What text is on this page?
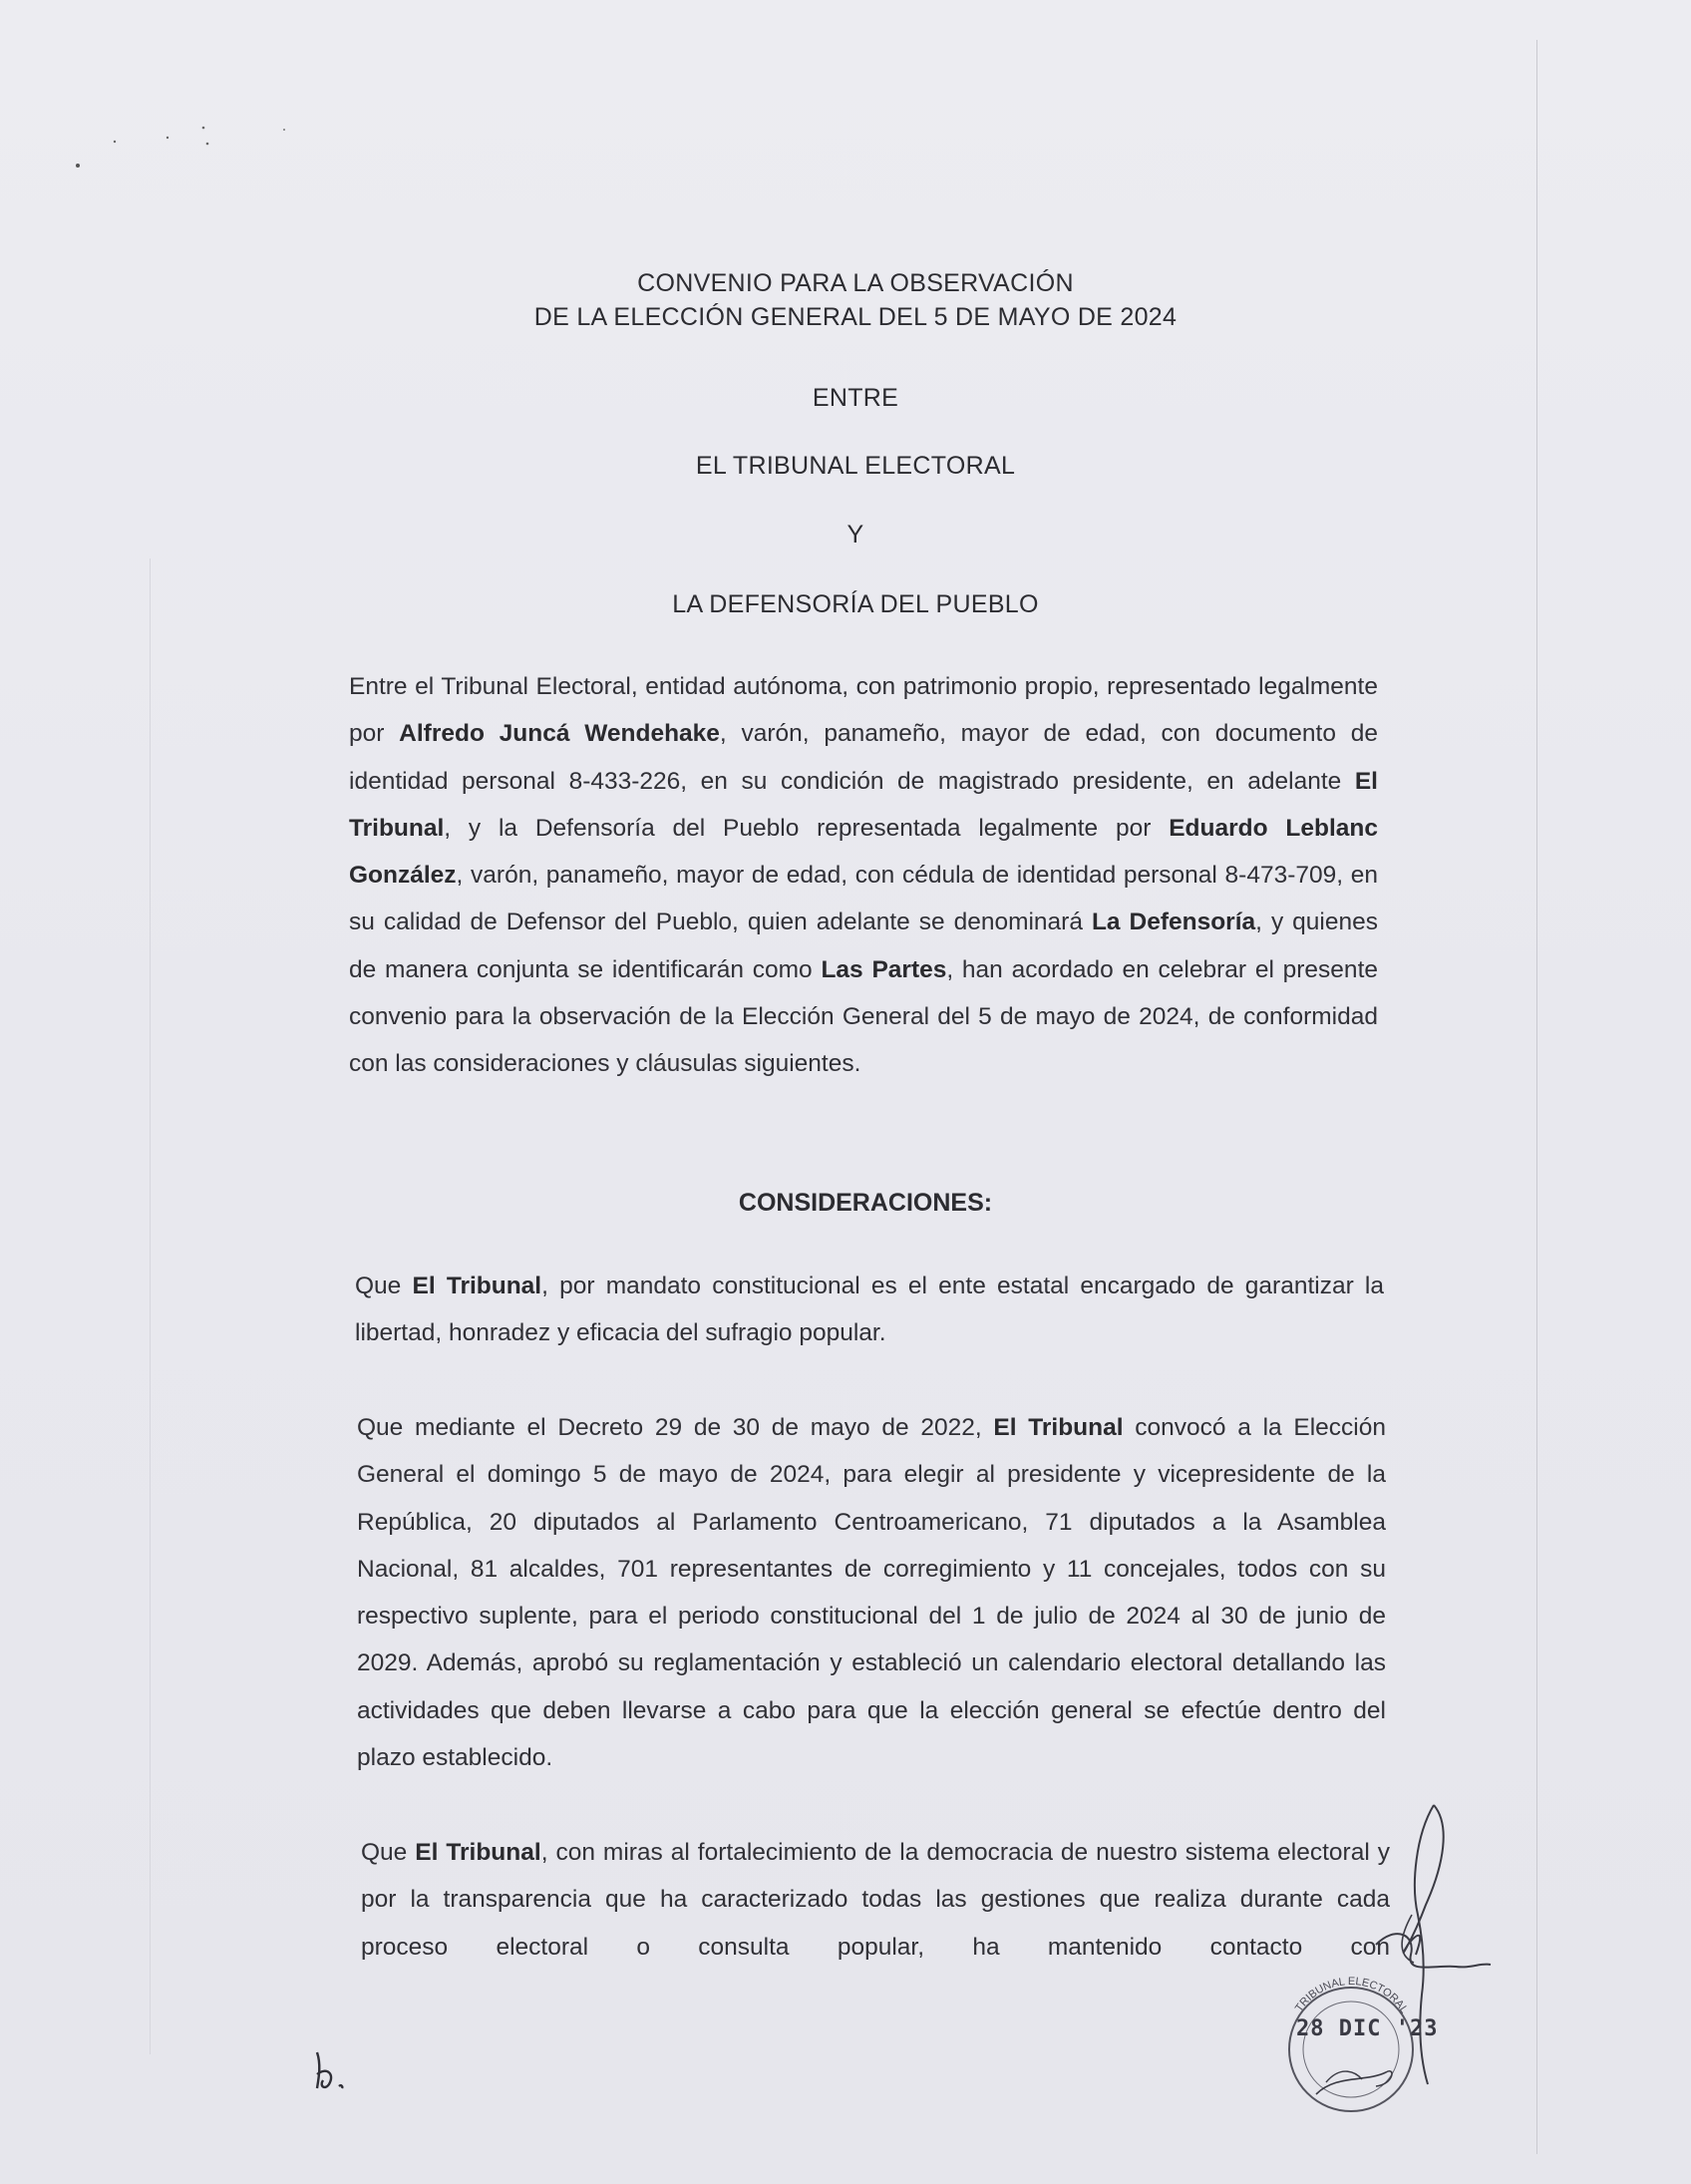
CONVENIO PARA LA OBSERVACIÓN
DE LA ELECCIÓN GENERAL DEL 5 DE MAYO DE 2024
ENTRE
EL TRIBUNAL ELECTORAL
Y
LA DEFENSORÍA DEL PUEBLO
Entre el Tribunal Electoral, entidad autónoma, con patrimonio propio, representado legalmente por Alfredo Juncá Wendehake, varón, panameño, mayor de edad, con documento de identidad personal 8-433-226, en su condición de magistrado presidente, en adelante El Tribunal, y la Defensoría del Pueblo representada legalmente por Eduardo Leblanc González, varón, panameño, mayor de edad, con cédula de identidad personal 8-473-709, en su calidad de Defensor del Pueblo, quien adelante se denominará La Defensoría, y quienes de manera conjunta se identificarán como Las Partes, han acordado en celebrar el presente convenio para la observación de la Elección General del 5 de mayo de 2024, de conformidad con las consideraciones y cláusulas siguientes.
CONSIDERACIONES:
Que El Tribunal, por mandato constitucional es el ente estatal encargado de garantizar la libertad, honradez y eficacia del sufragio popular.
Que mediante el Decreto 29 de 30 de mayo de 2022, El Tribunal convocó a la Elección General el domingo 5 de mayo de 2024, para elegir al presidente y vicepresidente de la República, 20 diputados al Parlamento Centroamericano, 71 diputados a la Asamblea Nacional, 81 alcaldes, 701 representantes de corregimiento y 11 concejales, todos con su respectivo suplente, para el periodo constitucional del 1 de julio de 2024 al 30 de junio de 2029. Además, aprobó su reglamentación y estableció un calendario electoral detallando las actividades que deben llevarse a cabo para que la elección general se efectúe dentro del plazo establecido.
Que El Tribunal, con miras al fortalecimiento de la democracia de nuestro sistema electoral y por la transparencia que ha caracterizado todas las gestiones que realiza durante cada proceso electoral o consulta popular, ha mantenido contacto con
TRIBUNAL ELECTORAL
28 DIC '23
